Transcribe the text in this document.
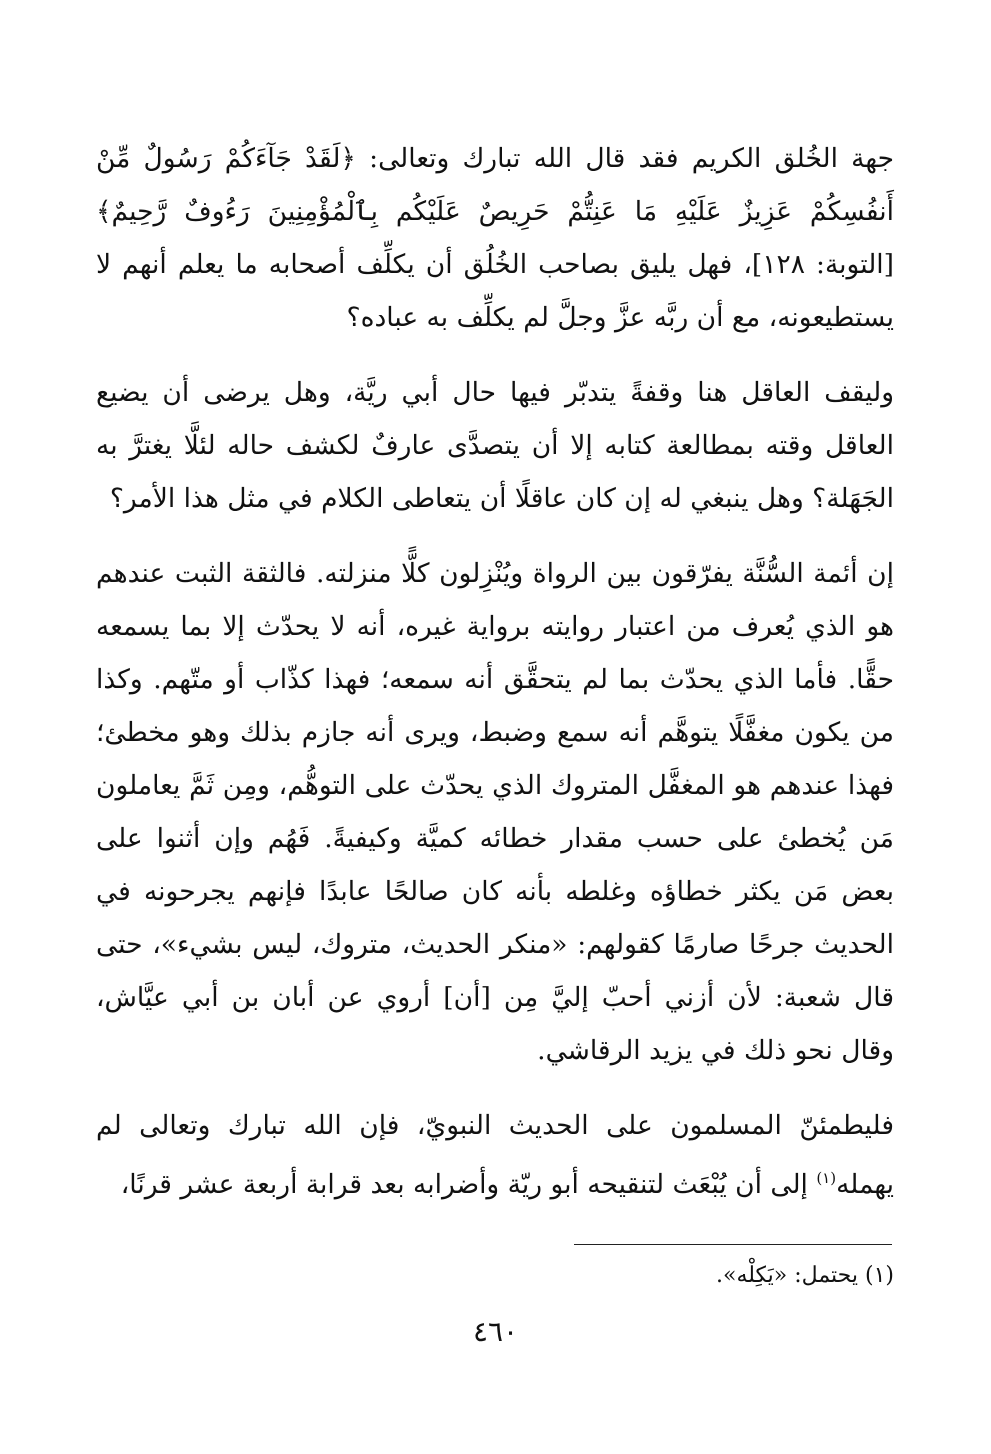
جهة الخُلق الكريم فقد قال الله تبارك وتعالى: ﴿لَقَدْ جَآءَكُمْ رَسُولٌ مِّنْ أَنفُسِكُمْ عَزِيزٌ عَلَيْهِ مَا عَنِتُّمْ حَرِيصٌ عَلَيْكُم بِٱلْمُؤْمِنِينَ رَءُوفٌ رَّحِيمٌ﴾ [التوبة: ١٢٨]، فهل يليق بصاحب الخُلُق أن يكلِّف أصحابه ما يعلم أنهم لا يستطيعونه، مع أن ربَّه عزَّ وجلَّ لم يكلِّف به عباده؟

وليقف العاقل هنا وقفةً يتدبّر فيها حال أبي ريَّة، وهل يرضى أن يضيع العاقل وقته بمطالعة كتابه إلا أن يتصدَّى عارفٌ لكشف حاله لئلَّا يغترَّ به الجَهَلة؟ وهل ينبغي له إن كان عاقلًا أن يتعاطى الكلام في مثل هذا الأمر؟

إن أئمة السُّنَّة يفرّقون بين الرواة ويُنْزِلون كلًّا منزلته. فالثقة الثبت عندهم هو الذي يُعرف من اعتبار روايته برواية غيره، أنه لا يحدّث إلا بما يسمعه حقًّا. فأما الذي يحدّث بما لم يتحقَّق أنه سمعه؛ فهذا كذّاب أو متّهم. وكذا من يكون مغفَّلًا يتوهَّم أنه سمع وضبط، ويرى أنه جازم بذلك وهو مخطئ؛ فهذا عندهم هو المغفَّل المتروك الذي يحدّث على التوهُّم، ومِن ثَمَّ يعاملون مَن يُخطئ على حسب مقدار خطائه كميَّة وكيفيةً. فَهُم وإن أثنوا على بعض مَن يكثر خطاؤه وغلطه بأنه كان صالحًا عابدًا فإنهم يجرحونه في الحديث جرحًا صارمًا كقولهم: «منكر الحديث، متروك، ليس بشيء»، حتى قال شعبة: لأن أزني أحبّ إليَّ مِن [أن] أروي عن أبان بن أبي عيَّاش، وقال نحو ذلك في يزيد الرقاشي.

فليطمئنّ المسلمون على الحديث النبويّ، فإن الله تبارك وتعالى لم يهمله$^{(١)}$ إلى أن يُبْعَث لتنقيحه أبو ريّة وأضرابه بعد قرابة أربعة عشر قرنًا،

(١) يحتمل: «يَكِلْه».
٤٦٠
